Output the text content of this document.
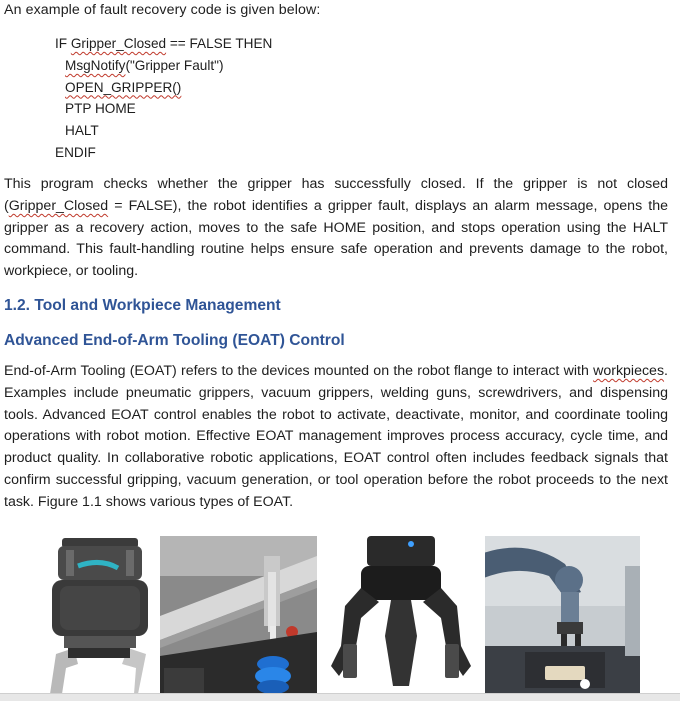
An example of fault recovery code is given below:
IF Gripper_Closed == FALSE THEN
MsgNotify("Gripper Fault")
OPEN_GRIPPER()
PTP HOME
HALT
ENDIF

This program checks whether the gripper has successfully closed. If the gripper is not closed (Gripper_Closed = FALSE), the robot identifies a gripper fault, displays an alarm message, opens the gripper as a recovery action, moves to the safe HOME position, and stops operation using the HALT command. This fault-handling routine helps ensure safe operation and prevents damage to the robot, workpiece, or tooling.

1.2. Tool and Workpiece Management
Advanced End-of-Arm Tooling (EOAT) Control

End-of-Arm Tooling (EOAT) refers to the devices mounted on the robot flange to interact with workpieces. Examples include pneumatic grippers, vacuum grippers, welding guns, screwdrivers, and dispensing tools. Advanced EOAT control enables the robot to activate, deactivate, monitor, and coordinate tooling operations with robot motion. Effective EOAT management improves process accuracy, cycle time, and product quality. In collaborative robotic applications, EOAT control often includes feedback signals that confirm successful gripping, vacuum generation, or tool operation before the robot proceeds to the next task. Figure 1.1 shows various types of EOAT.
